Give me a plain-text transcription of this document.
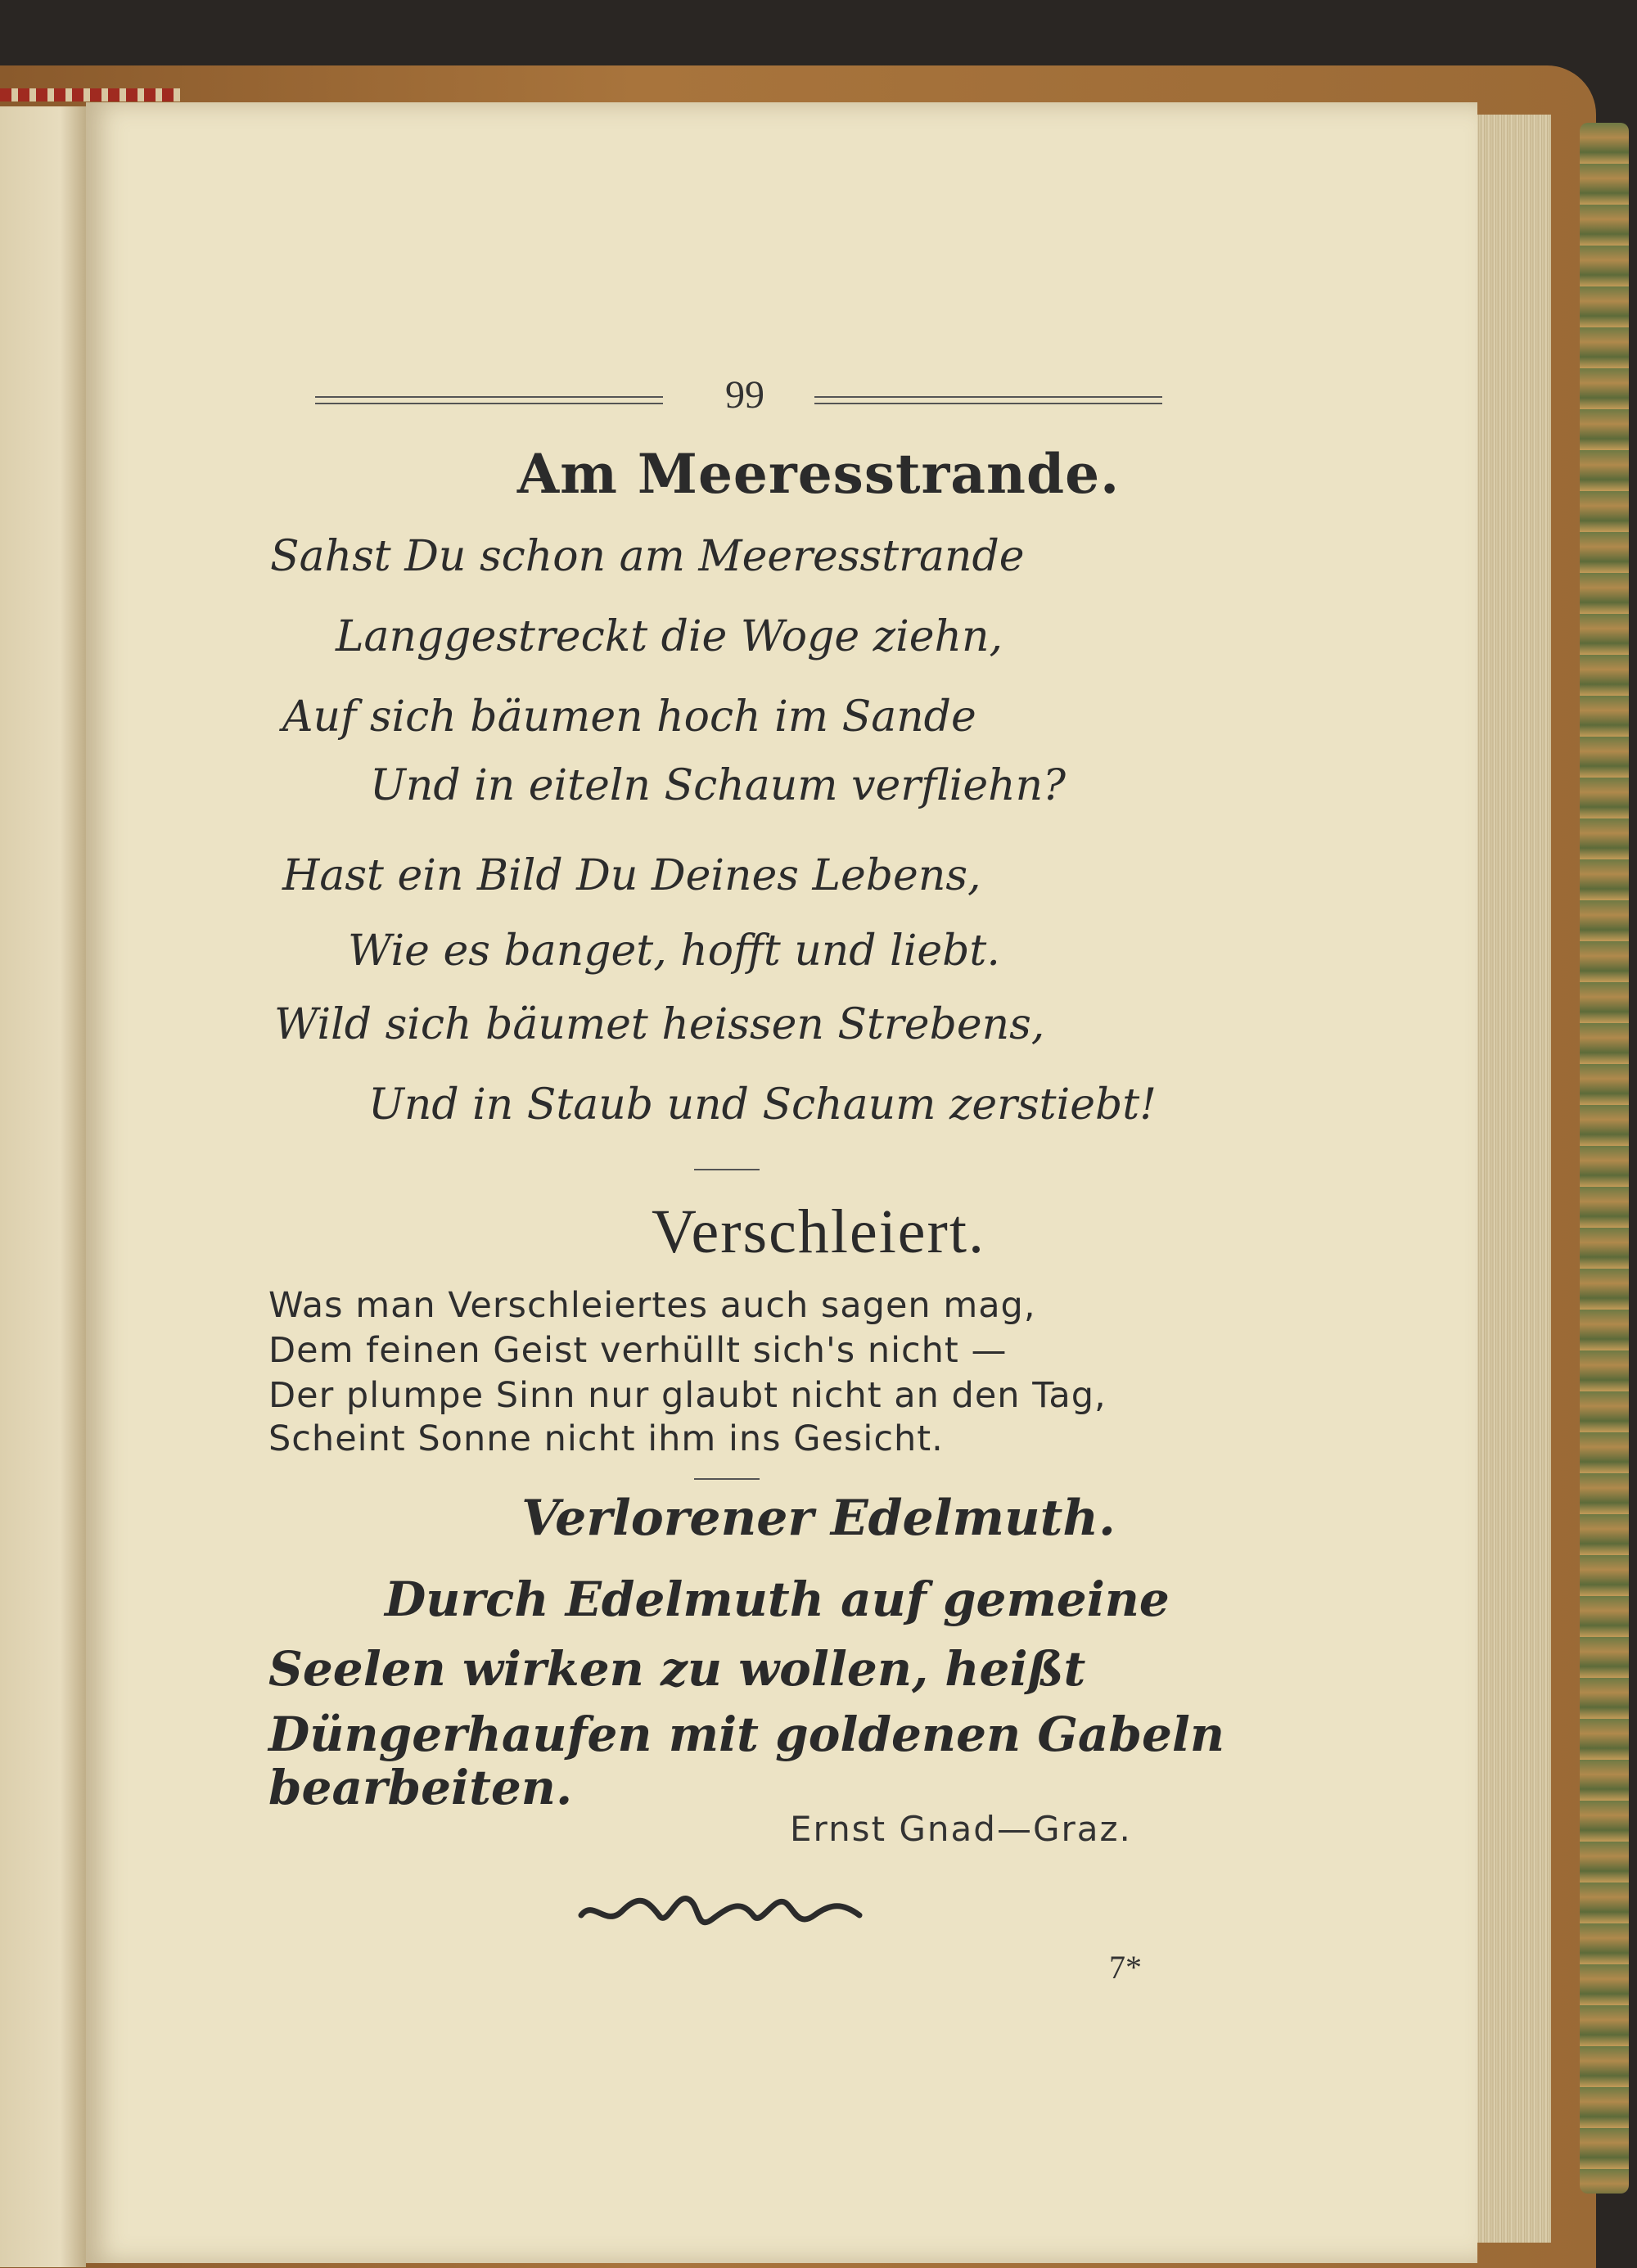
99
Am Meeresstrande.
Sahst Du schon am Meeresstrande
Langgestreckt die Woge ziehn,
Auf sich bäumen hoch im Sande
Und in eiteln Schaum verfliehn?
Hast ein Bild Du Deines Lebens,
Wie es banget, hofft und liebt.
Wild sich bäumet heissen Strebens,
Und in Staub und Schaum zerstiebt!
Verschleiert.
Was man Verschleiertes auch sagen mag,
Dem feinen Geist verhüllt sich's nicht —
Der plumpe Sinn nur glaubt nicht an den Tag,
Scheint Sonne nicht ihm ins Gesicht.
Verlorener Edelmuth.
Durch Edelmuth auf gemeine
Seelen wirken zu wollen, heißt
Düngerhaufen mit goldenen Gabeln
bearbeiten.
Ernst Gnad—Graz.
7*
